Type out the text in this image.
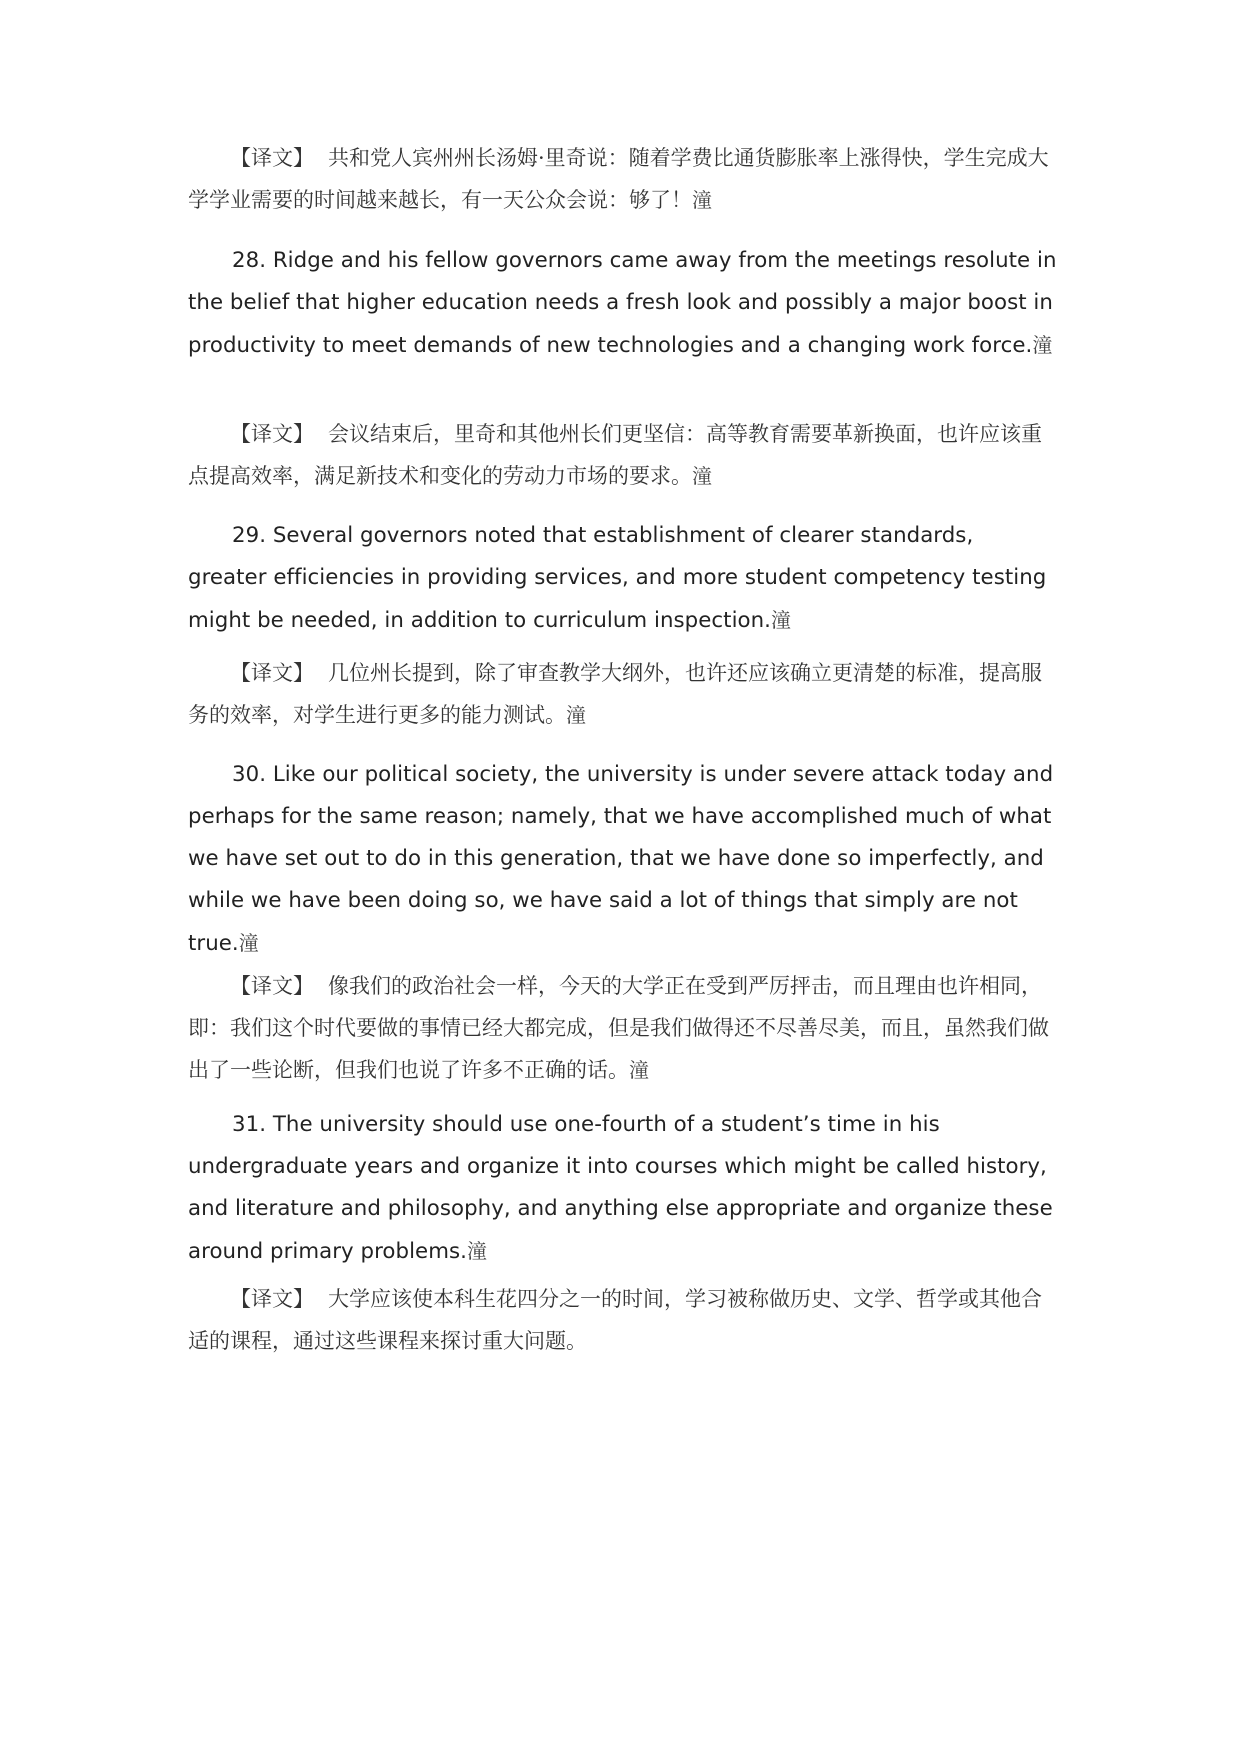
【译文】 共和党人宾州州长汤姆·里奇说：随着学费比通货膨胀率上涨得快，学生完成大学学业需要的时间越来越长，有一天公众会说：够了！潼

28. Ridge and his fellow governors came away from the meetings resolute in the belief that higher education needs a fresh look and possibly a major boost in productivity to meet demands of new technologies and a changing work force.潼

【译文】 会议结束后，里奇和其他州长们更坚信：高等教育需要革新换面，也许应该重点提高效率，满足新技术和变化的劳动力市场的要求。潼

29. Several governors noted that establishment of clearer standards, greater efficiencies in providing services, and more student competency testing might be needed, in addition to curriculum inspection.潼

【译文】 几位州长提到，除了审查教学大纲外，也许还应该确立更清楚的标准，提高服务的效率，对学生进行更多的能力测试。潼

30. Like our political society, the university is under severe attack today and perhaps for the same reason; namely, that we have accomplished much of what we have set out to do in this generation, that we have done so imperfectly, and while we have been doing so, we have said a lot of things that simply are not true.潼

【译文】 像我们的政治社会一样，今天的大学正在受到严厉抨击，而且理由也许相同，即：我们这个时代要做的事情已经大都完成，但是我们做得还不尽善尽美，而且，虽然我们做出了一些论断，但我们也说了许多不正确的话。潼

31. The university should use one-fourth of a student’s time in his undergraduate years and organize it into courses which might be called history, and literature and philosophy, and anything else appropriate and organize these around primary problems.潼

【译文】 大学应该使本科生花四分之一的时间，学习被称做历史、文学、哲学或其他合适的课程，通过这些课程来探讨重大问题。
